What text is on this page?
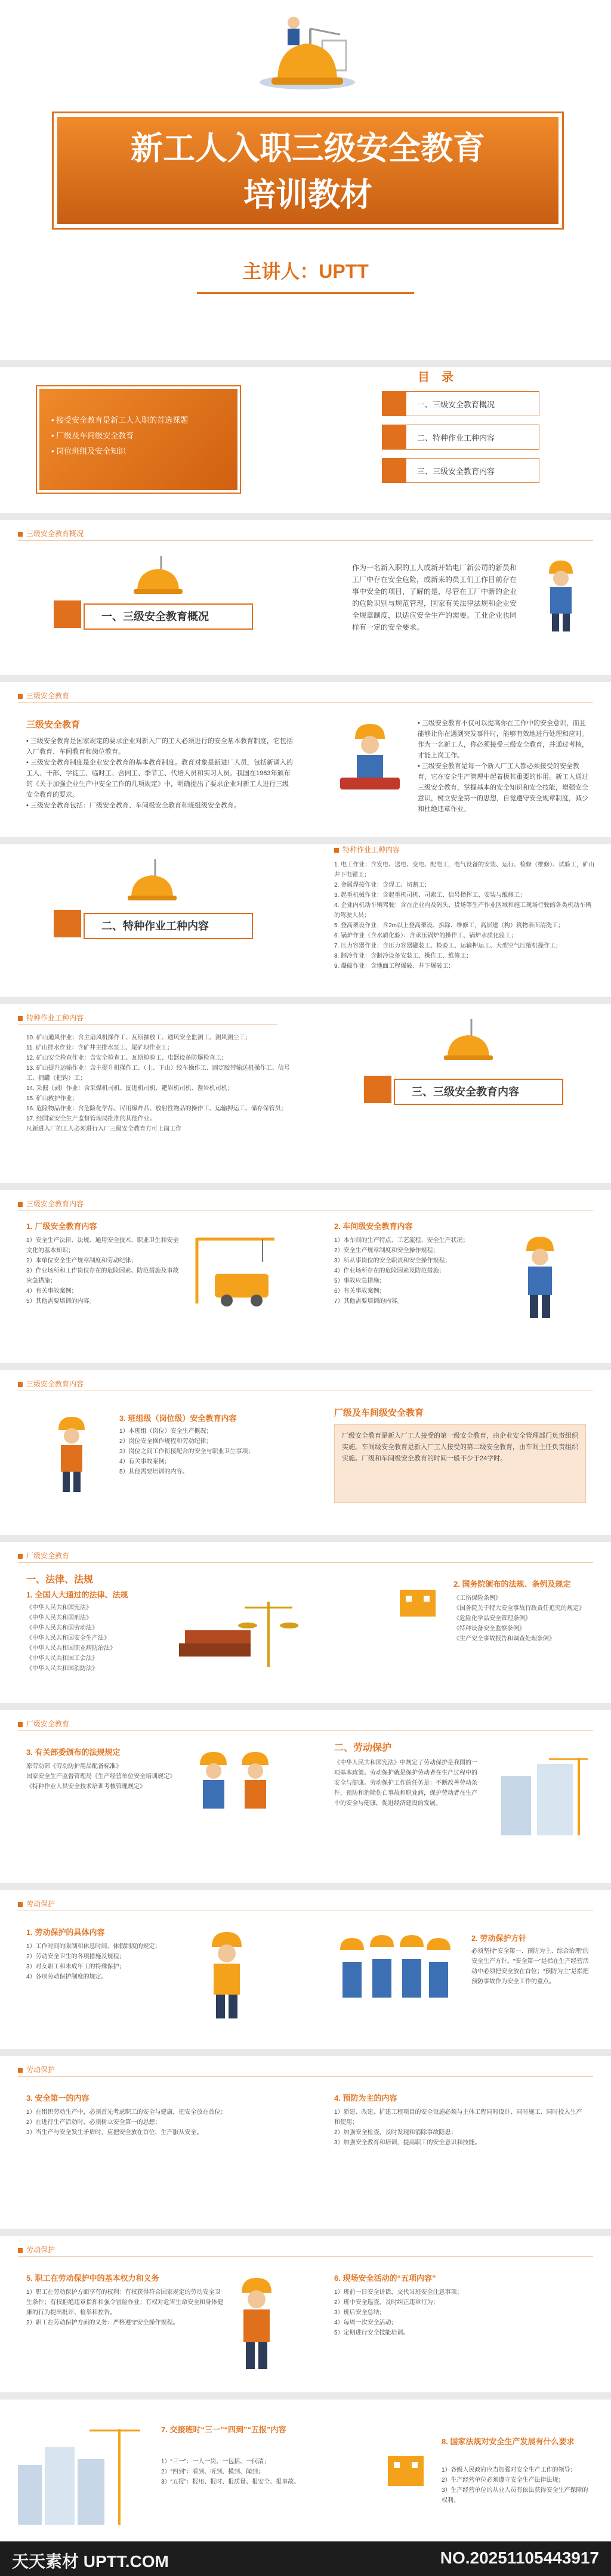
新工人入职三级安全教育
培训教材
主讲人：UPTT
• 接受安全教育是新工人入职的首选课题
• 厂级及车间级安全教育
• 岗位班组及安全知识
目　录
一、三级安全教育概况
二、特种作业工种内容
三、三级安全教育内容
三级安全教育概况
一、三级安全教育概况
作为一名新入职的工人或新开始电厂新公司的新员和工厂中存在安全危险，或新来的员工们工作目前存在事中安全的项目，了解的是，尽管在工厂中新的企业的危险识别与规范管理，国家有关法律法规和企业安全规章制度，以适应安全生产的需要。工业企业也同样有一定的安全要求。
三级安全教育
三级安全教育
• 三级安全教育是国家规定的要求企业对新入厂的工人必须进行的安全基本教育制度，它包括入厂教育、车间教育和岗位教育。
• 三级安全教育制度是企业安全教育的基本教育制度。教育对象是新进厂人员，包括新调入的工人、干部、学徒工、临时工、合同工、季节工、代培人员和实习人员。我国在1963年颁布的《关于加强企业生产中安全工作的几项规定》中，明确提出了要求企业对新工人进行三级安全教育的要求。
• 三级安全教育包括：厂级安全教育、车间级安全教育和班组级安全教育。
• 三级安全教育不仅可以提高你在工作中的安全意识，而且能够让你在遇到突发事件时，能够有效地进行处理和应对。作为一名新工人，你必须接受三级安全教育，并通过考核，才能上岗工作。
• 三级安全教育是每一个新入厂工人都必须接受的安全教育，它在安全生产管理中起着极其重要的作用。新工人通过三级安全教育，掌握基本的安全知识和安全技能，增强安全意识，树立安全第一的思想，自觉遵守安全规章制度，减少和杜绝违章作业。
二、特种作业工种内容
特种作业工种内容
1. 电工作业：含发电、送电、变电、配电工，电气设备的安装、运行、检修（维修）、试验工，矿山井下电钳工；
2. 金属焊接作业：含焊工、切割工；
3. 起重机械作业：含起重机司机、司索工、信号指挥工、安装与维修工；
4. 企业内机动车辆驾驶：含在企业内及码头、货场等生产作业区域和施工现场行驶的各类机动车辆的驾驶人员；
5. 登高架设作业：含2m以上登高架设、拆除、维修工，高层建（构）筑物表面清洗工；
6. 锅炉作业（含水质化验）：含承压锅炉的操作工、锅炉水质化验工；
7. 压力容器作业：含压力容器罐装工、检验工、运输押运工、大型空气压缩机操作工；
8. 制冷作业：含制冷设备安装工、操作工、维修工；
9. 爆破作业：含地面工程爆破、井下爆破工；
特种作业工种内容
10. 矿山通风作业：含主扇风机操作工、瓦斯抽放工、通风安全监测工、测风测尘工；
11. 矿山排水作业：含矿井主排水泵工、尾矿坝作业工；
12. 矿山安全检查作业：含安全检查工、瓦斯检验工、电器设备防爆检查工；
13. 矿山提升运输作业：含主提升机操作工、（上、下山）绞车操作工、固定胶带输送机操作工、信号工、拥罐（把钩）工；
14. 采掘（剥）作业：含采煤机司机、掘进机司机、耙岩机司机、凿岩机司机；
15. 矿山救护作业；
16. 危险物品作业：含危险化学品、民用爆炸品、放射性物品的操作工、运输押运工、储存保管员；
17. 经国家安全生产监督管理局批准的其他作业。
凡新进入厂的工人必须进行入厂三级安全教育方可上岗工作
三、三级安全教育内容
三级安全教育内容
1. 厂级安全教育内容
1）安全生产法律、法规、通用安全技术、职业卫生和安全文化的基本知识；
2）本单位安全生产规章制度和劳动纪律；
3）作业场所和工作岗位存在的危险因素、防范措施及事故应急措施；
4）有关事故案例；
5）其他需要培训的内容。
2. 车间级安全教育内容
1）本车间的生产特点、工艺流程、安全生产状况；
2）安全生产规章制度和安全操作规程；
3）所从事岗位的安全职责和安全操作规程；
4）作业场所存在的危险因素及防范措施；
5）事故应急措施；
6）有关事故案例；
7）其他需要培训的内容。
三级安全教育内容
3. 班组级（岗位级）安全教育内容
1）本班组（岗位）安全生产概况；
2）岗位安全操作规程和劳动纪律；
3）岗位之间工作衔接配合的安全与职业卫生事项；
4）有关事故案例；
5）其他需要培训的内容。
厂级及车间级安全教育
厂级安全教育是新入厂工人接受的第一级安全教育，由企业安全管理部门负责组织实施。车间级安全教育是新入厂工人接受的第二级安全教育，由车间主任负责组织实施。厂级和车间级安全教育的时间一般不少于24学时。
厂级安全教育
一、法律、法规
1. 全国人大通过的法律、法规
《中华人民共和国宪法》
《中华人民共和国刑法》
《中华人民共和国劳动法》
《中华人民共和国安全生产法》
《中华人民共和国职业病防治法》
《中华人民共和国工会法》
《中华人民共和国消防法》
2. 国务院颁布的法规、条例及规定
《工伤保险条例》
《国务院关于特大安全事故行政责任追究的规定》
《危险化学品安全管理条例》
《特种设备安全监察条例》
《生产安全事故报告和调查处理条例》
厂级安全教育
3. 有关部委颁布的法规规定
原劳动部《劳动防护用品配备标准》
国家安全生产监督管理局《生产经营单位安全培训规定》
《特种作业人员安全技术培训考核管理规定》
二、劳动保护
《中华人民共和国宪法》中规定了劳动保护是我国的一项基本政策。劳动保护就是保护劳动者在生产过程中的安全与健康。劳动保护工作的任务是：不断改善劳动条件，预防和消除伤亡事故和职业病，保护劳动者在生产中的安全与健康，促进经济建设的发展。
劳动保护
1. 劳动保护的具体内容
1）工作时间的限制和休息时间、休假制度的规定；
2）劳动安全卫生的各项措施及规程；
3）对女职工和未成年工的特殊保护；
4）各项劳动保护制度的规定。
2. 劳动保护方针
必须坚持“安全第一、预防为主、综合治理”的安全生产方针。“安全第一”是指在生产经营活动中必须把安全放在首位；“预防为主”是指把预防事故作为安全工作的重点。
劳动保护
3. 安全第一的内容
1）在组织劳动生产中，必须首先考虑职工的安全与健康，把安全放在首位；
2）在进行生产活动时，必须树立安全第一的思想；
3）当生产与安全发生矛盾时，应把安全放在首位，生产服从安全。
4. 预防为主的内容
1）新建、改建、扩建工程项目的安全设施必须与主体工程同时设计、同时施工、同时投入生产和使用；
2）加强安全检查，及时发现和消除事故隐患；
3）加强安全教育和培训，提高职工的安全意识和技能。
劳动保护
5. 职工在劳动保护中的基本权力和义务
1）职工在劳动保护方面享有的权利：有权获得符合国家规定的劳动安全卫生条件；有权拒绝违章指挥和强令冒险作业；有权对危害生命安全和身体健康的行为提出批评、检举和控告。
2）职工在劳动保护方面的义务：严格遵守安全操作规程。
6. 现场安全活动的“五项内容”
1）班前一日安全讲话，交代当班安全注意事项；
2）班中安全巡查，及时纠正违章行为；
3）班后安全总结；
4）每周一次安全活动；
5）定期进行安全技能培训。
7. 交接班时“三一”“四到”“五报”内容
1）“三一”：一人一岗、一包括、一问清；
2）“四到”：看到、听到、摸到、闻到；
3）“五报”：报用、报时、报质量、报安全、报事故。
8. 国家法规对安全生产发展有什么要求
1）各级人民政府应当加强对安全生产工作的领导；
2）生产经营单位必须遵守安全生产法律法规；
3）生产经营单位的从业人员有依法获得安全生产保障的权利。
天天素材 UPTT.COM	NO.20251105443917
